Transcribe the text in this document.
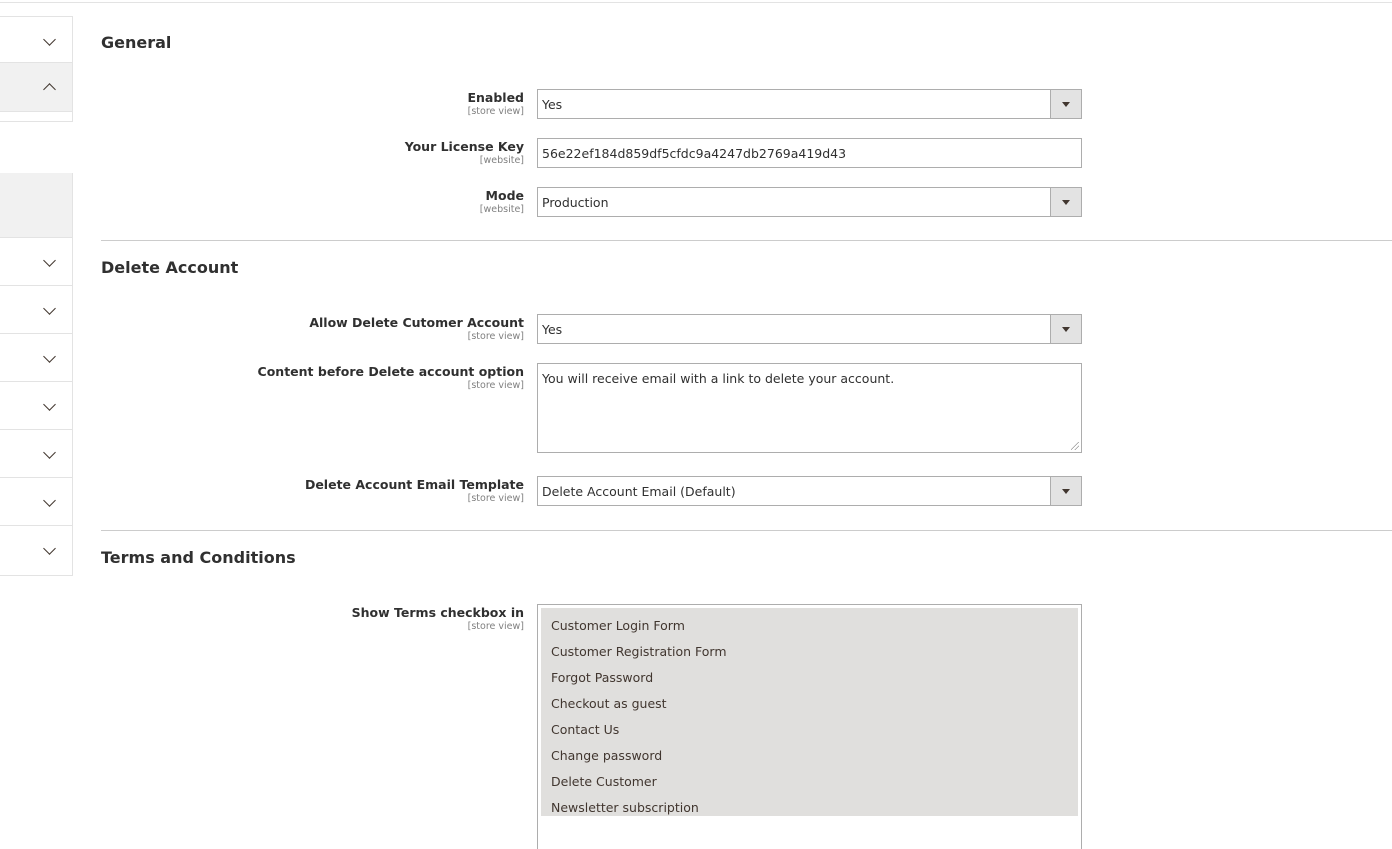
General
Enabled
[store view] Yes
Your License Key
[website] 56e22ef184d859df5cfdc9a4247db2769a419d43
Mode
[website] Production
Delete Account
Allow Delete Cutomer Account
[store view] Yes
Content before Delete account option
[store view] You will receive email with a link to delete your account.
Delete Account Email Template
[store view] Delete Account Email (Default)
Terms and Conditions
Show Terms checkbox in
[store view] Customer Login Form
Customer Registration Form
Forgot Password
Checkout as guest
Contact Us
Change password
Delete Customer
Newsletter subscription
